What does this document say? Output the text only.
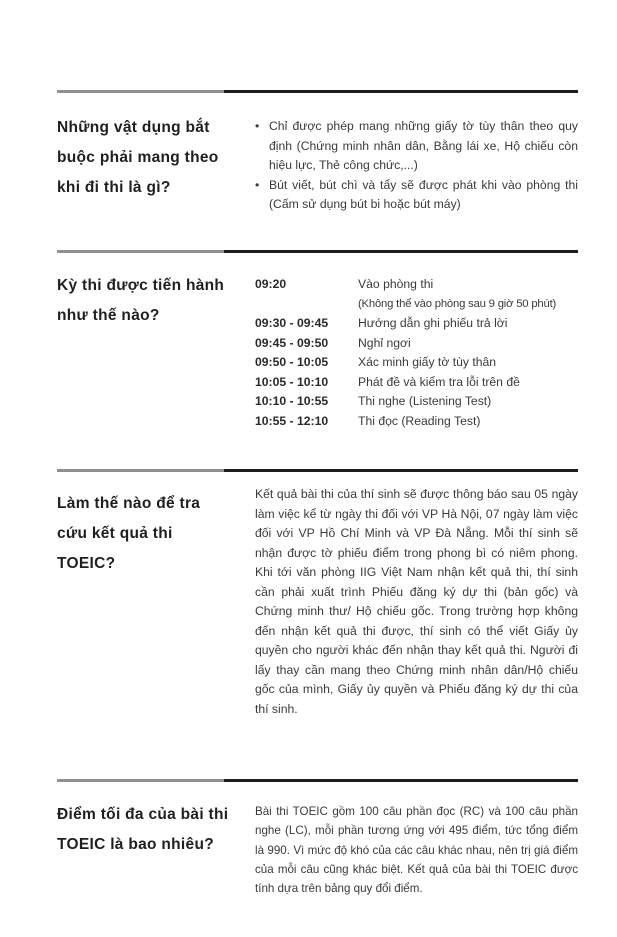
Những vật dụng bắt buộc phải mang theo khi đi thi là gì?
• Chỉ được phép mang những giấy tờ tùy thân theo quy định (Chứng minh nhân dân, Bằng lái xe, Hộ chiếu còn hiệu lực, Thẻ công chức,...)
• Bút viết, bút chì và tẩy sẽ được phát khi vào phòng thi (Cấm sử dụng bút bi hoặc bút máy)
Kỳ thi được tiến hành như thế nào?
09:20	Vào phòng thi
(Không thể vào phòng sau 9 giờ 50 phút)
09:30 - 09:45	Hướng dẫn ghi phiếu trả lời
09:45 - 09:50	Nghỉ ngơi
09:50 - 10:05	Xác minh giấy tờ tùy thân
10:05 - 10:10	Phát đề và kiểm tra lỗi trên đề
10:10 - 10:55	Thi nghe (Listening Test)
10:55 - 12:10	Thi đọc (Reading Test)
Làm thế nào để tra cứu kết quả thi TOEIC?
Kết quả bài thi của thí sinh sẽ được thông báo sau 05 ngày làm việc kể từ ngày thi đối với VP Hà Nội, 07 ngày làm việc đối với VP Hồ Chí Minh và VP Đà Nẵng. Mỗi thí sinh sẽ nhận được tờ phiếu điểm trong phong bì có niêm phong. Khi tới văn phòng IIG Việt Nam nhận kết quả thi, thí sinh cần phải xuất trình Phiếu đăng ký dự thi (bản gốc) và Chứng minh thư/ Hộ chiếu gốc. Trong trường hợp không đến nhận kết quả thi được, thí sinh có thể viết Giấy ủy quyền cho người khác đến nhận thay kết quả thi. Người đi lấy thay cần mang theo Chứng minh nhân dân/Hộ chiếu gốc của mình, Giấy ủy quyền và Phiếu đăng ký dự thi của thí sinh.
Điểm tối đa của bài thi TOEIC là bao nhiêu?
Bài thi TOEIC gồm 100 câu phần đọc (RC) và 100 câu phần nghe (LC), mỗi phần tương ứng với 495 điểm, tức tổng điểm là 990. Vì mức độ khó của các câu khác nhau, nên trị giá điểm của mỗi câu cũng khác biệt. Kết quả của bài thi TOEIC được tính dựa trên bảng quy đổi điểm.
